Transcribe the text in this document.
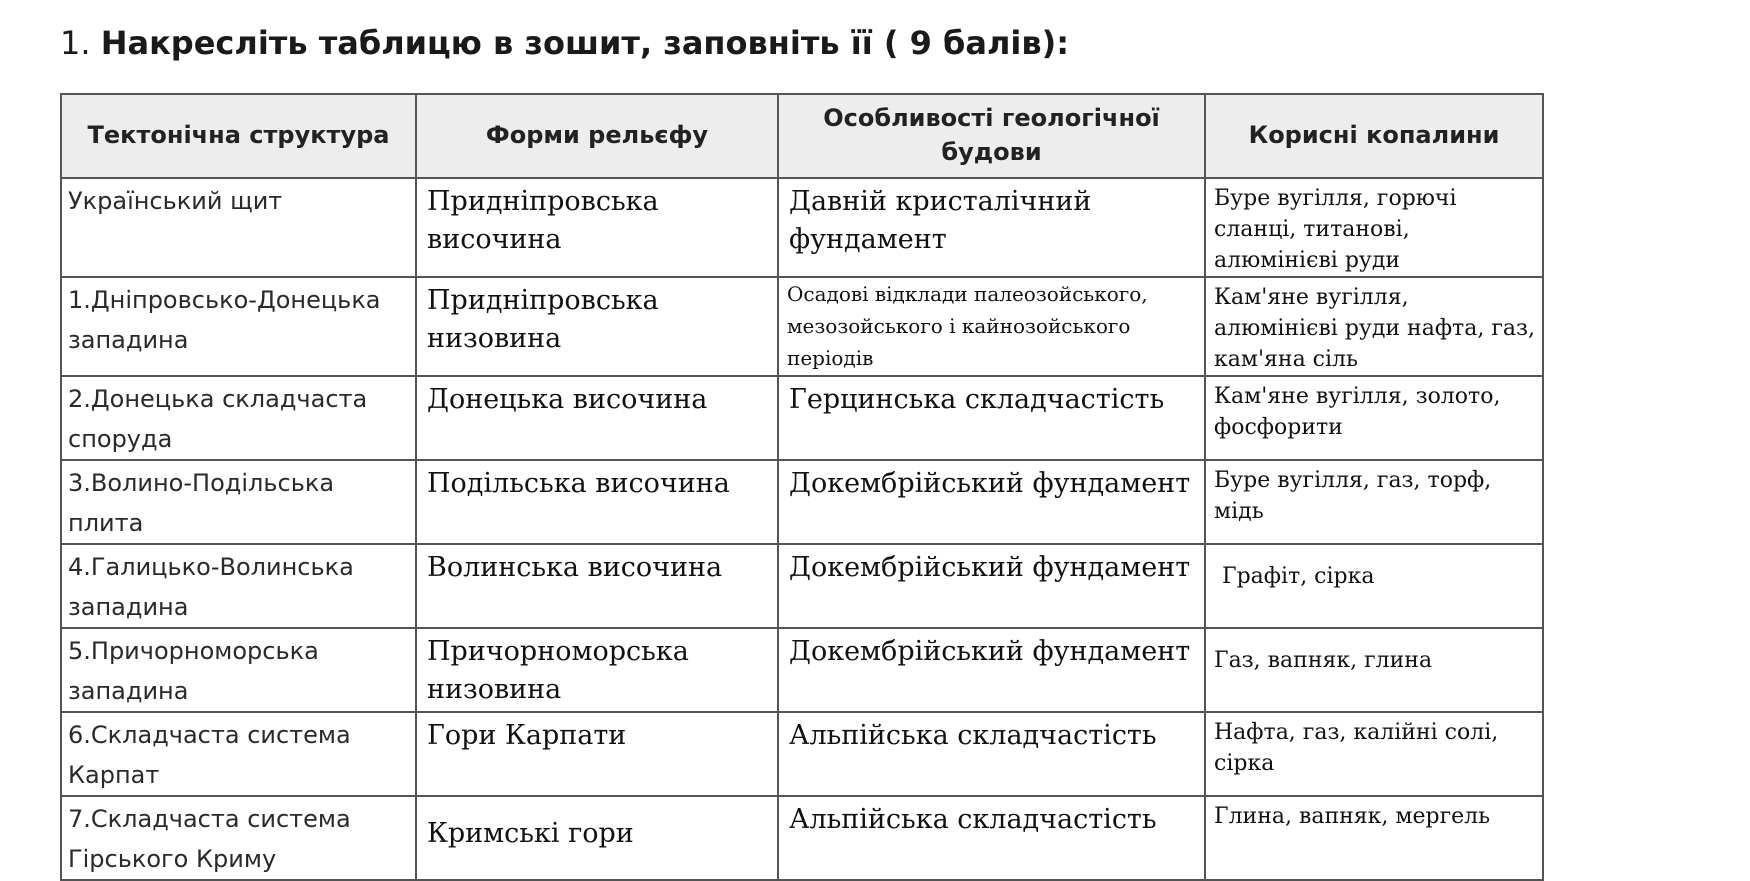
1. Накресліть таблицю в зошит, заповніть її ( 9 балів):
Тектонічна структура	Форми рельєфу	Особливості геологічної будови	Корисні копалини

Український щит	Придніпровська височина	Давній кристалічний фундамент	Буре вугілля, горючі сланці, титанові, алюмінієві руди

1.Дніпровсько-Донецька западина	Придніпровська низовина	Осадові відклади палеозойського, мезозойського і кайнозойського періодів	Кам'яне вугілля, алюмінієві руди нафта, газ, кам'яна сіль

2.Донецька складчаста споруда	Донецька височина	Герцинська складчастість	Кам'яне вугілля, золото, фосфорити

3.Волино-Подільська плита	Подільська височина	Докембрійський фундамент	Буре вугілля, газ, торф, мідь

4.Галицько-Волинська западина	Волинська височина	Докембрійський фундамент	Графіт, сірка

5.Причорноморська западина	Причорноморська низовина	Докембрійський фундамент	Газ, вапняк, глина

6.Складчаста система Карпат	Гори Карпати	Альпійська складчастість	Нафта, газ, калійні солі, сірка

7.Складчаста система Гірського Криму	Кримські гори	Альпійська складчастість	Глина, вапняк, мергель
